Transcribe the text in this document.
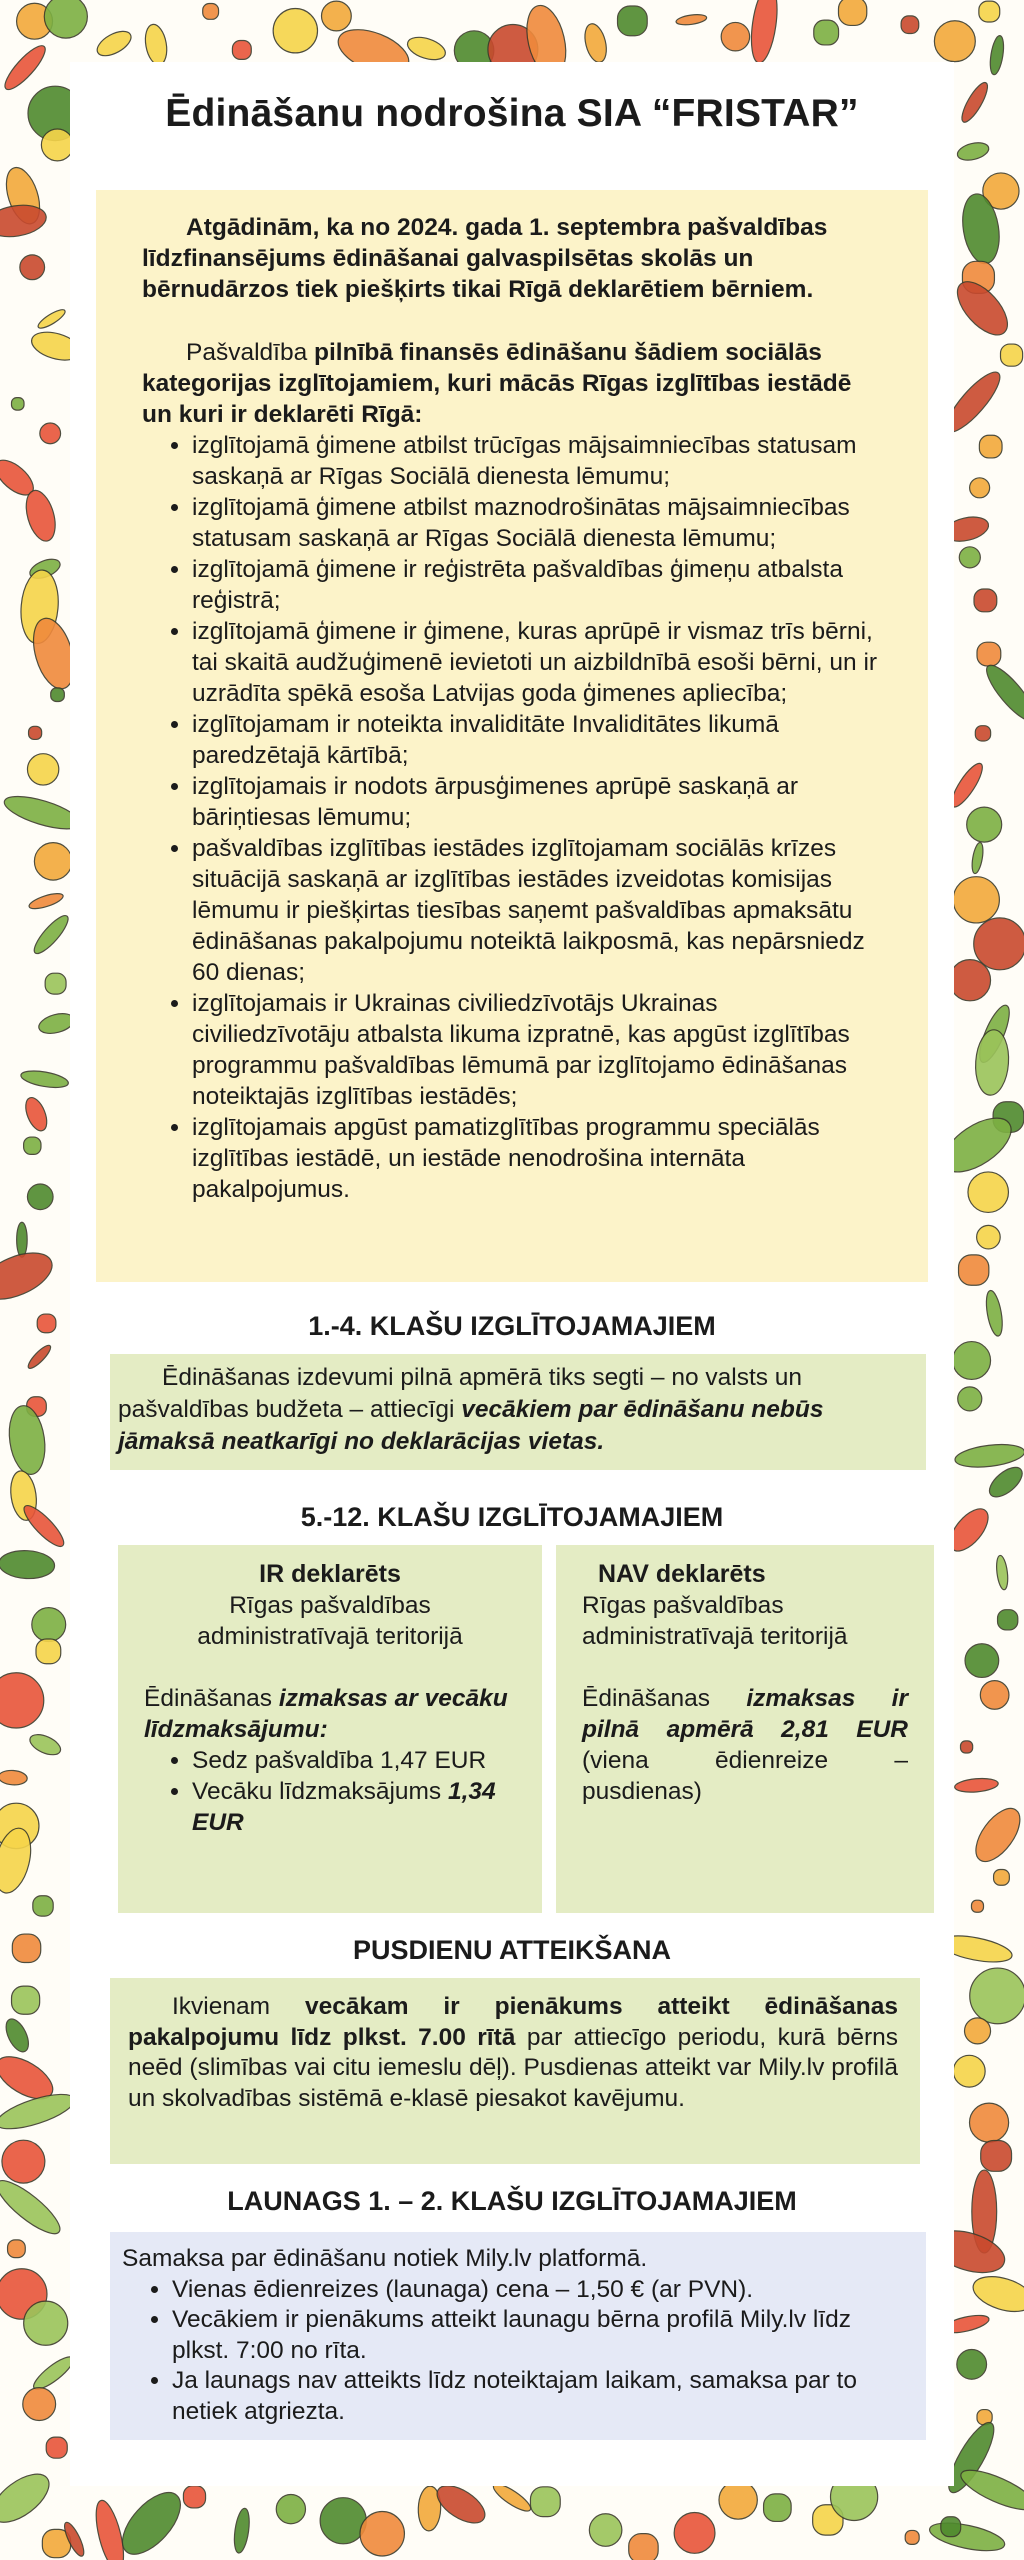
Ēdināšanu nodrošina SIA “FRISTAR”

Atgādinām, ka no 2024. gada 1. septembra pašvaldības līdzfinansējums ēdināšanai galvaspilsētas skolās un bērnudārzos tiek piešķirts tikai Rīgā deklarētiem bērniem.

Pašvaldība pilnībā finansēs ēdināšanu šādiem sociālās kategorijas izglītojamiem, kuri mācās Rīgas izglītības iestādē un kuri ir deklarēti Rīgā:

• izglītojamā ģimene atbilst trūcīgas mājsaimniecības statusam saskaņā ar Rīgas Sociālā dienesta lēmumu;
• izglītojamā ģimene atbilst maznodrošinātas mājsaimniecības statusam saskaņā ar Rīgas Sociālā dienesta lēmumu;
• izglītojamā ģimene ir reģistrēta pašvaldības ģimeņu atbalsta reģistrā;
• izglītojamā ģimene ir ģimene, kuras aprūpē ir vismaz trīs bērni, tai skaitā audžuģimenē ievietoti un aizbildnībā esoši bērni, un ir uzrādīta spēkā esoša Latvijas goda ģimenes apliecība;
• izglītojamam ir noteikta invaliditāte Invaliditātes likumā paredzētajā kārtībā;
• izglītojamais ir nodots ārpusģimenes aprūpē saskaņā ar bāriņtiesas lēmumu;
• pašvaldības izglītības iestādes izglītojamam sociālās krīzes situācijā saskaņā ar izglītības iestādes izveidotas komisijas lēmumu ir piešķirtas tiesības saņemt pašvaldības apmaksātu ēdināšanas pakalpojumu noteiktā laikposmā, kas nepārsniedz 60 dienas;
• izglītojamais ir Ukrainas civiliedzīvotājs Ukrainas civiliedzīvotāju atbalsta likuma izpratnē, kas apgūst izglītības programmu pašvaldības lēmumā par izglītojamo ēdināšanas noteiktajās izglītības iestādēs;
• izglītojamais apgūst pamatizglītības programmu speciālās izglītības iestādē, un iestāde nenodrošina internāta pakalpojumus.
1.-4. KLAŠU IZGLĪTOJAMAJIEM
Ēdināšanas izdevumi pilnā apmērā tiks segti – no valsts un pašvaldības budžeta – attiecīgi vecākiem par ēdināšanu nebūs jāmaksā neatkarīgi no deklarācijas vietas.
5.-12. KLAŠU IZGLĪTOJAMAJIEM
IR deklarēts
Rīgas pašvaldības administratīvajā teritorijā
Ēdināšanas izmaksas ar vecāku līdzmaksājumu:
• Sedz pašvaldība 1,47 EUR
• Vecāku līdzmaksājums 1,34 EUR
NAV deklarēts
Rīgas pašvaldības administratīvajā teritorijā
Ēdināšanas izmaksas ir pilnā apmērā 2,81 EUR (viena ēdienreize – pusdienas)
PUSDIENU ATTEIKŠANA
Ikvienam vecākam ir pienākums atteikt ēdināšanas pakalpojumu līdz plkst. 7.00 rītā par attiecīgo periodu, kurā bērns neēd (slimības vai citu iemeslu dēļ). Pusdienas atteikt var Mily.lv profilā un skolvadības sistēmā e-klasē piesakot kavējumu.
LAUNAGS 1. – 2. KLAŠU IZGLĪTOJAMAJIEM
Samaksa par ēdināšanu notiek Mily.lv platformā.
• Vienas ēdienreizes (launaga) cena – 1,50 € (ar PVN).
• Vecākiem ir pienākums atteikt launagu bērna profilā Mily.lv līdz plkst. 7:00 no rīta.
• Ja launags nav atteikts līdz noteiktajam laikam, samaksa par to netiek atgriezta.
